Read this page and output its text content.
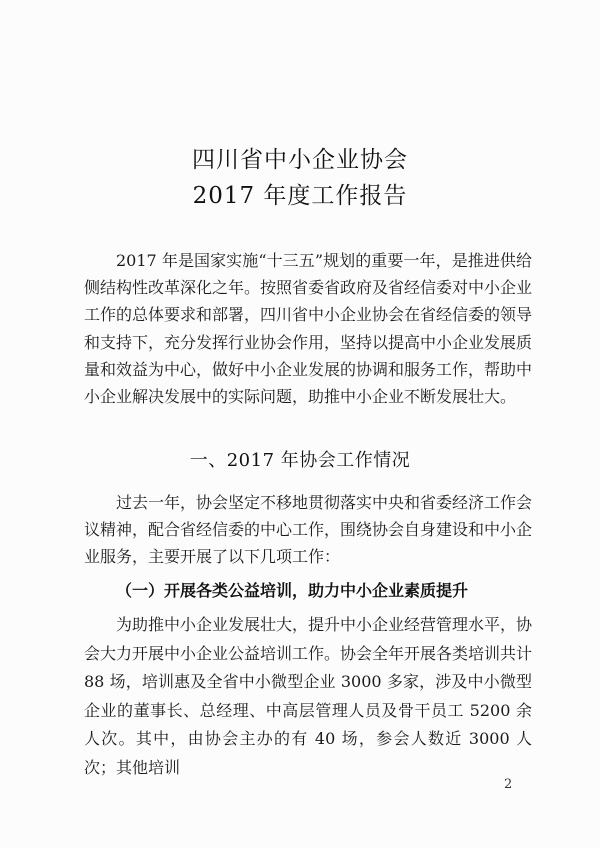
四川省中小企业协会
2017 年度工作报告

2017 年是国家实施“十三五”规划的重要一年，是推进供给侧结构性改革深化之年。按照省委省政府及省经信委对中小企业工作的总体要求和部署，四川省中小企业协会在省经信委的领导和支持下，充分发挥行业协会作用，坚持以提高中小企业发展质量和效益为中心，做好中小企业发展的协调和服务工作，帮助中小企业解决发展中的实际问题，助推中小企业不断发展壮大。

一、2017 年协会工作情况

过去一年，协会坚定不移地贯彻落实中央和省委经济工作会议精神，配合省经信委的中心工作，围绕协会自身建设和中小企业服务，主要开展了以下几项工作：

（一）开展各类公益培训，助力中小企业素质提升

为助推中小企业发展壮大，提升中小企业经营管理水平，协会大力开展中小企业公益培训工作。协会全年开展各类培训共计 88 场，培训惠及全省中小微型企业 3000 多家，涉及中小微型企业的董事长、总经理、中高层管理人员及骨干员工 5200 余人次。其中，由协会主办的有 40 场，参会人数近 3000 人次；其他培训

2
